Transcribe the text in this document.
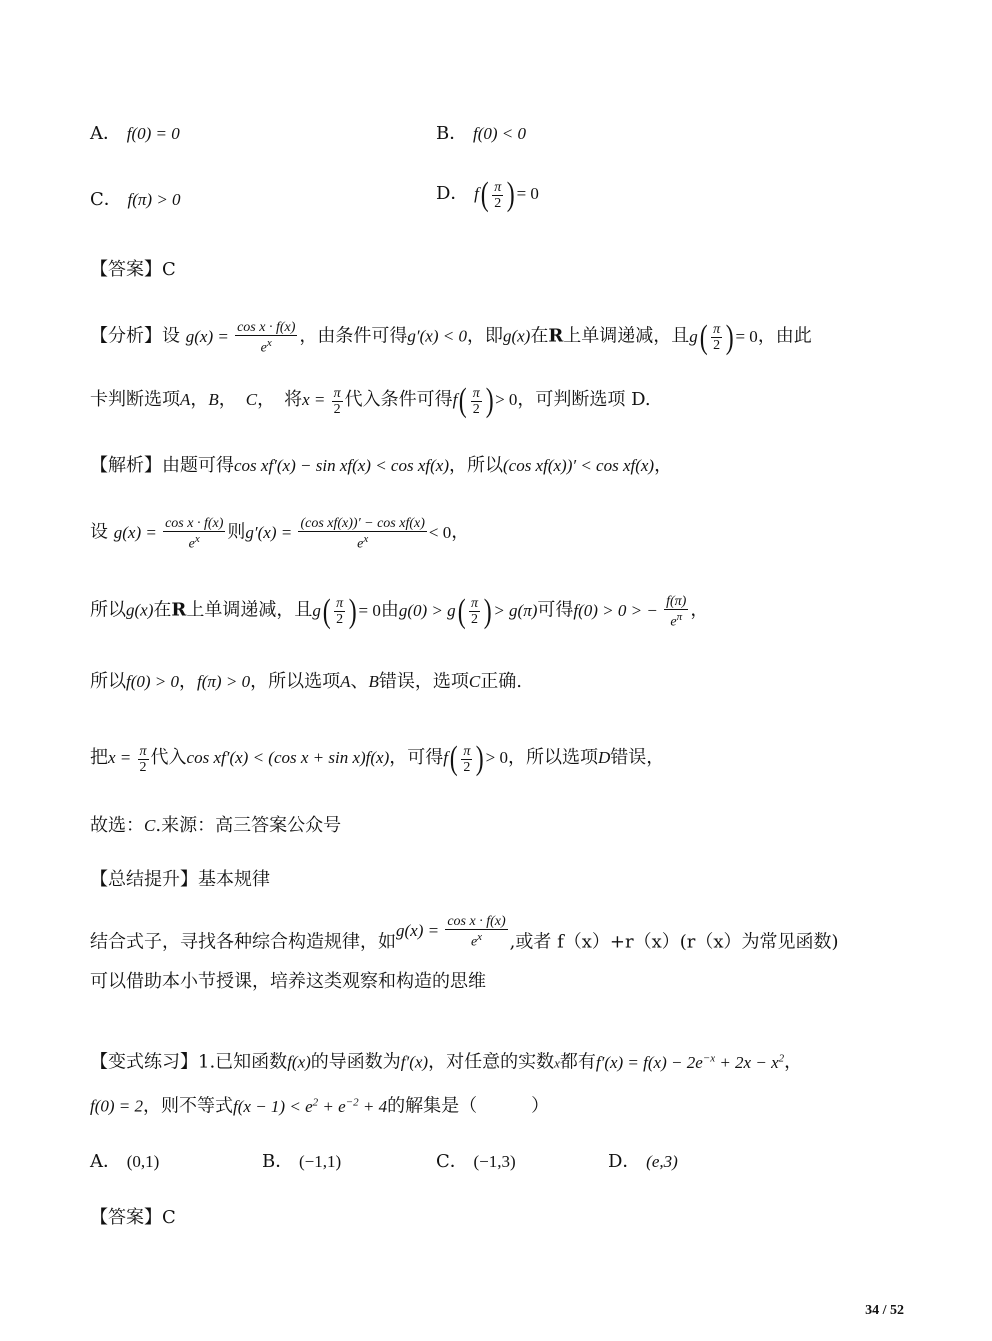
A． f(0) = 0	B． f(0) < 0
C． f(π) > 0	D． $f( \frac{\pi}{2}$ )= 0
【答案】C
【分析】设 $g(x) = \frac{\text{cos x · f(x)}}{e^x}$ ，由条件可得g′(x) < 0，即g(x)在R上单调递减，且$g( \frac{\pi}{2}$ )= 0，由此
卡判断选项A，B，　C，　将$x = \frac{\pi}{2}$ 代入条件可得$f( \frac{\pi}{2}$ )> 0，可判断选项 D.
【解析】由题可得cos xf′(x) − sin xf(x) < cos xf(x)，所以(cos xf(x))′ < cos xf(x)，
设 $g(x) = \frac{\text{cos x · f(x)}}{e^x}$ 则$g'(x) = \frac{\text{(cos xf(x))′ − cos xf(x)}}{e^x} < 0$，
所以g(x)在R上单调递减，且$g( \frac{\pi}{2}$ )= 0由$g(0) > g( \frac{\pi}{2}$ )> g(π)可得f(0) > 0 > − $\frac{f(\pi)}{e^\pi}$ ，
所以f(0) > 0，f(π) > 0，所以选项A、B错误，选项C正确.
把$x = \frac{\pi}{2}$ 代入cos xf′(x) < (cos x + sin x)f(x)，可得$f( \frac{\pi}{2}$ )> 0，所以选项D错误，
故选：C.来源：高三答案公众号
【总结提升】基本规律
结合式子，寻找各种综合构造规律，如$g(x) = \frac{\text{cos x · f(x)}}{e^x}$ ,或者 f（x）+r（x）(r（x）为常见函数)
可以借助本小节授课，培养这类观察和构造的思维
【变式练习】1.已知函数f(x)的导函数为f′(x)，对任意的实数x都有$f'(x) = f(x) - 2e^{-x} + 2x - x^2$，
f(0) = 2，则不等式$f(x - 1) < e^2 + e^{-2} + 4$的解集是（　　　）
A． (0,1)	B． (−1,1)	C． (−1,3)	D． (e,3)
【答案】C
34 / 52
